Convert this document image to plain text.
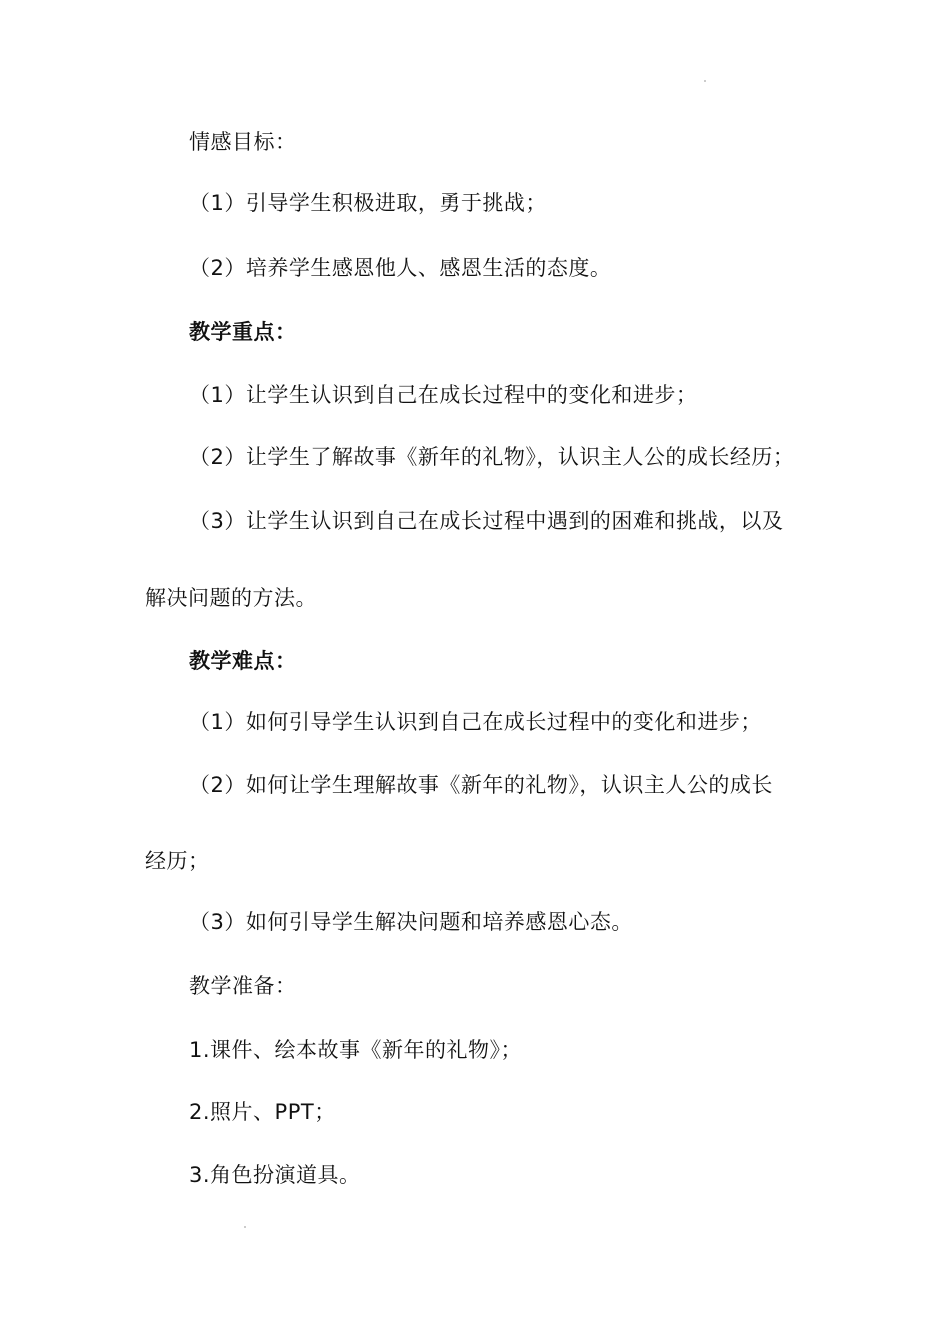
情感目标：
（1）引导学生积极进取，勇于挑战；
（2）培养学生感恩他人、感恩生活的态度。
教学重点：
（1）让学生认识到自己在成长过程中的变化和进步；
（2）让学生了解故事《新年的礼物》，认识主人公的成长经历；
（3）让学生认识到自己在成长过程中遇到的困难和挑战，以及
解决问题的方法。
教学难点：
（1）如何引导学生认识到自己在成长过程中的变化和进步；
（2）如何让学生理解故事《新年的礼物》，认识主人公的成长
经历；
（3）如何引导学生解决问题和培养感恩心态。
教学准备：
1.课件、绘本故事《新年的礼物》；
2.照片、PPT；
3.角色扮演道具。
